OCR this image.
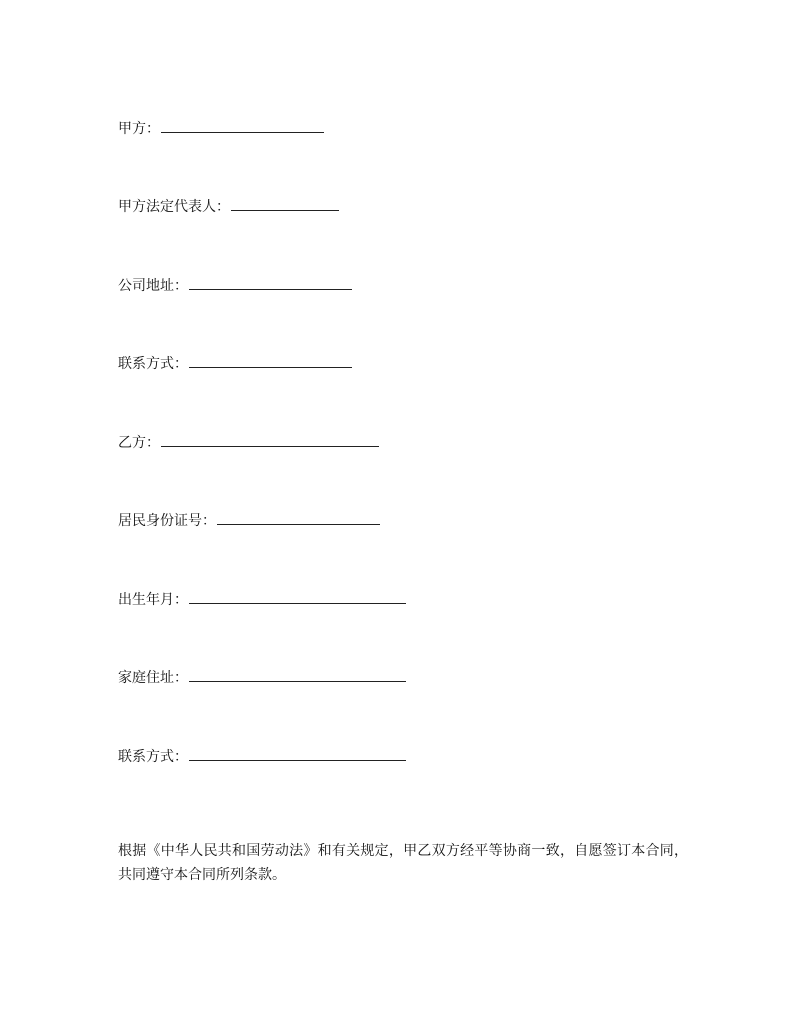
甲方：
甲方法定代表人：
公司地址：
联系方式：
乙方：
居民身份证号：
出生年月：
家庭住址：
联系方式：

根据《中华人民共和国劳动法》和有关规定，甲乙双方经平等协商一致，自愿签订本合同，共同遵守本合同所列条款。
